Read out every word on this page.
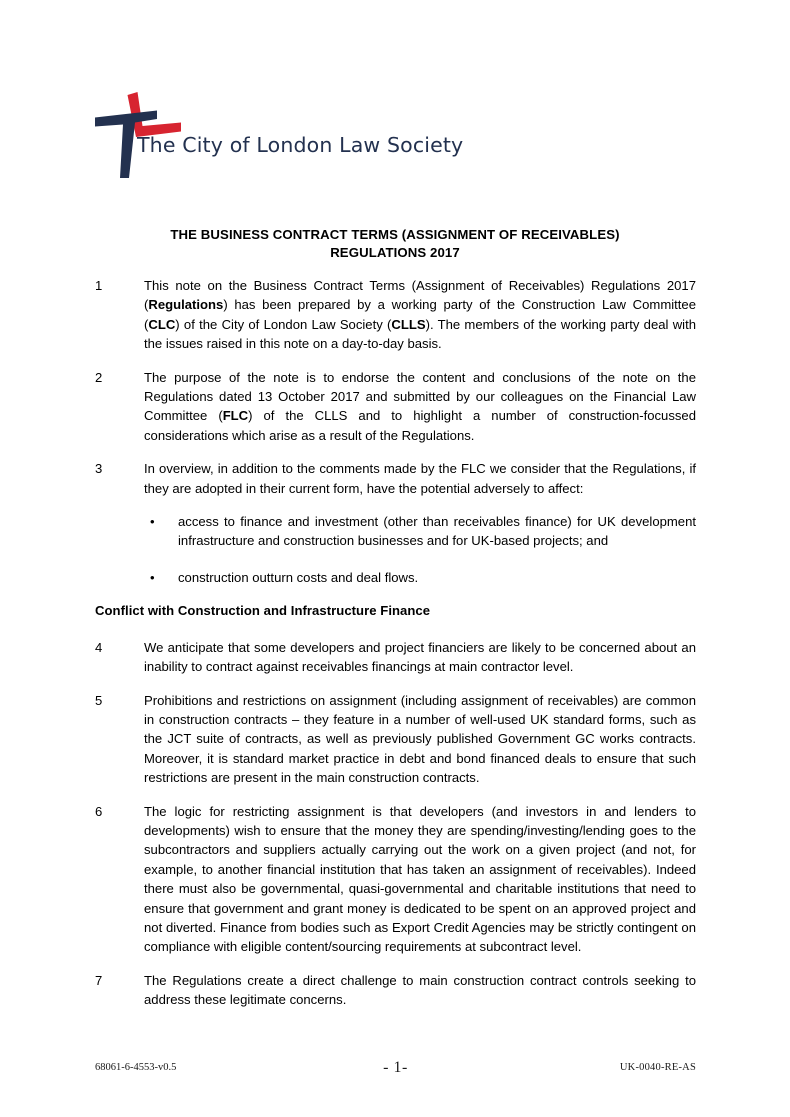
The City of London Law Society
THE BUSINESS CONTRACT TERMS (ASSIGNMENT OF RECEIVABLES)
REGULATIONS 2017
1	This note on the Business Contract Terms (Assignment of Receivables) Regulations 2017 (Regulations) has been prepared by a working party of the Construction Law Committee (CLC) of the City of London Law Society (CLLS). The members of the working party deal with the issues raised in this note on a day-to-day basis.
2	The purpose of the note is to endorse the content and conclusions of the note on the Regulations dated 13 October 2017 and submitted by our colleagues on the Financial Law Committee (FLC) of the CLLS and to highlight a number of construction-focussed considerations which arise as a result of the Regulations.
3	In overview, in addition to the comments made by the FLC we consider that the Regulations, if they are adopted in their current form, have the potential adversely to affect:
• access to finance and investment (other than receivables finance) for UK development infrastructure and construction businesses and for UK-based projects; and
• construction outturn costs and deal flows.
Conflict with Construction and Infrastructure Finance
4	We anticipate that some developers and project financiers are likely to be concerned about an inability to contract against receivables financings at main contractor level.
5	Prohibitions and restrictions on assignment (including assignment of receivables) are common in construction contracts – they feature in a number of well-used UK standard forms, such as the JCT suite of contracts, as well as previously published Government GC works contracts. Moreover, it is standard market practice in debt and bond financed deals to ensure that such restrictions are present in the main construction contracts.
6	The logic for restricting assignment is that developers (and investors in and lenders to developments) wish to ensure that the money they are spending/investing/lending goes to the subcontractors and suppliers actually carrying out the work on a given project (and not, for example, to another financial institution that has taken an assignment of receivables). Indeed there must also be governmental, quasi-governmental and charitable institutions that need to ensure that government and grant money is dedicated to be spent on an approved project and not diverted. Finance from bodies such as Export Credit Agencies may be strictly contingent on compliance with eligible content/sourcing requirements at subcontract level.
7	The Regulations create a direct challenge to main construction contract controls seeking to address these legitimate concerns.
68061-6-4553-v0.5	- 1-	UK-0040-RE-AS
